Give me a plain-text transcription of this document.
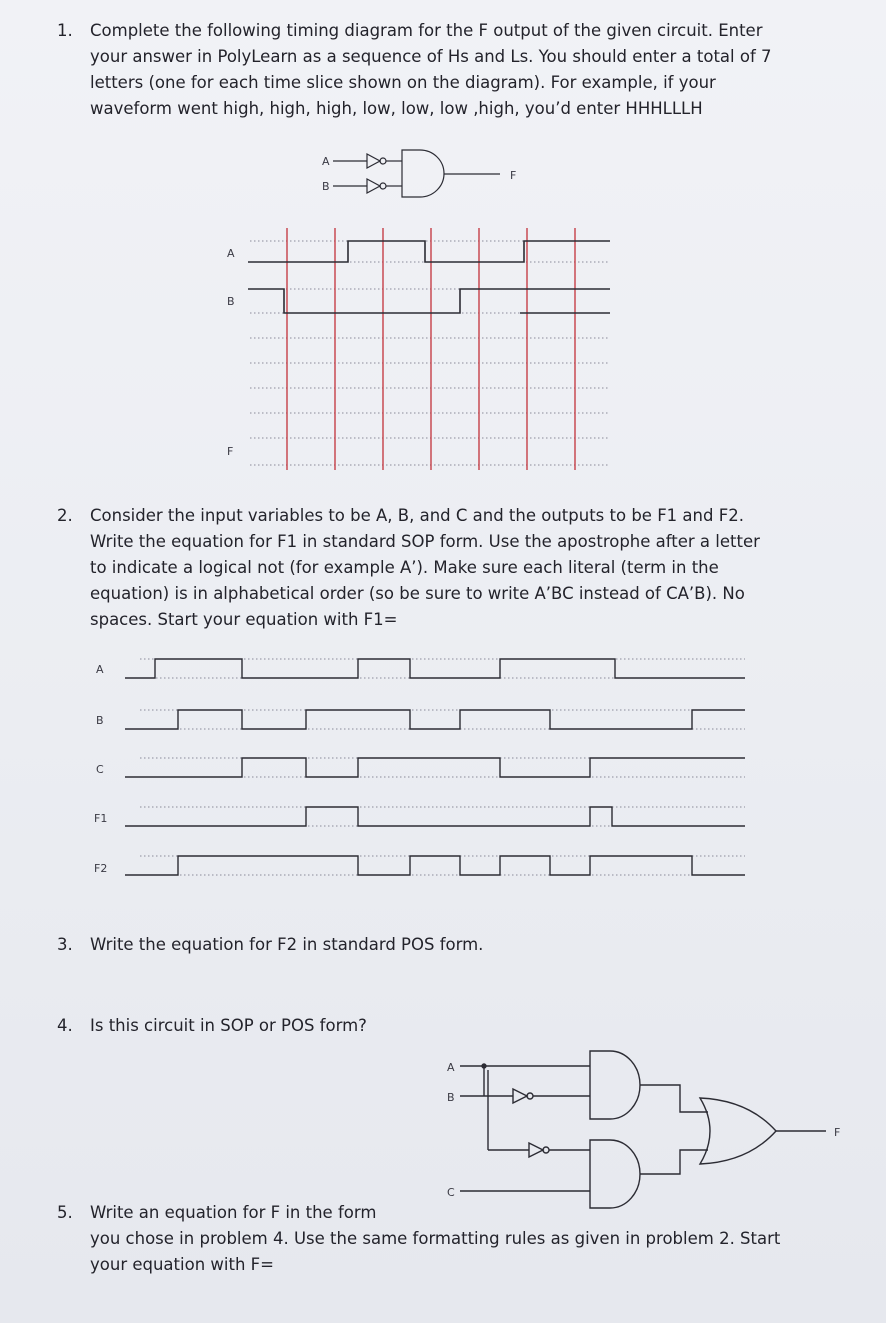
1. Complete the following timing diagram for the F output of the given circuit. Enter
your answer in PolyLearn as a sequence of Hs and Ls. You should enter a total of 7
letters (one for each time slice shown on the diagram). For example, if your
waveform went high, high, high, low, low, low ,high, you’d enter HHHLLLH
2. Consider the input variables to be A, B, and C and the outputs to be F1 and F2.
Write the equation for F1 in standard SOP form. Use the apostrophe after a letter
to indicate a logical not (for example A’). Make sure each literal (term in the
equation) is in alphabetical order (so be sure to write A’BC instead of CA’B). No
spaces. Start your equation with F1=
3. Write the equation for F2 in standard POS form.
4. Is this circuit in SOP or POS form?
5. Write an equation for F in the form
you chose in problem 4. Use the same formatting rules as given in problem 2. Start
your equation with F=
A
B
F
A
B
F
A
B
C
F1
F2
A
B
C
F
